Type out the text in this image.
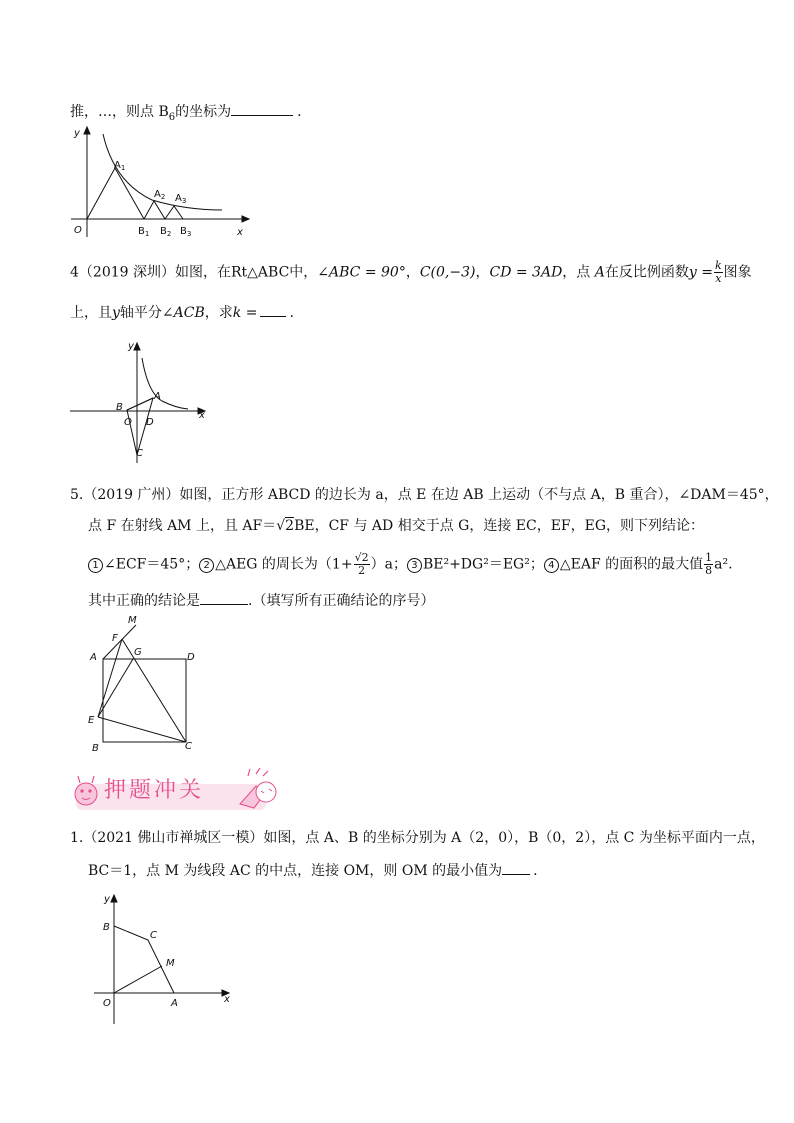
推，…，则点 $B_6$的坐标为	.
y
x
O
$A_1$
$A_2$ $A_3$
$B_1$ $B_2$ $B_3$
4（2019 深圳）如图，在Rt△ABC中，∠ABC = 90°，C(0,−3)，CD = 3AD，点 A在反比例函数$y = \frac{k}{x}$ 图象
上，且y轴平分∠ACB，求k = .
y
x
A
B
O D
C
5.（2019 广州）如图，正方形 ABCD 的边长为 a，点 E 在边 AB 上运动（不与点 A，B 重合），∠DAM＝45°，
点 F 在射线 AM 上，且 AF＝√2BE，CF 与 AD 相交于点 G，连接 EC，EF，EG，则下列结论：
1 ∠ECF＝45°； 2 △AEG 的周长为$(1+ \frac{√2}{2} )a$； 3 BE²+DG²＝EG²； 4 △EAF 的面积的最大值 $\frac{1}{8} a^2$.
其中正确的结论是	.（填写所有正确结论的序号）
M
F
A	G	D
E
B	C
押题冲关
1.（2021 佛山市禅城区一模）如图，点 A、B 的坐标分别为 A（2，0），B（0，2），点 C 为坐标平面内一点，
BC＝1，点 M 为线段 AC 的中点，连接 OM，则 OM 的最小值为 .
y
x
B
C
M
A
O
